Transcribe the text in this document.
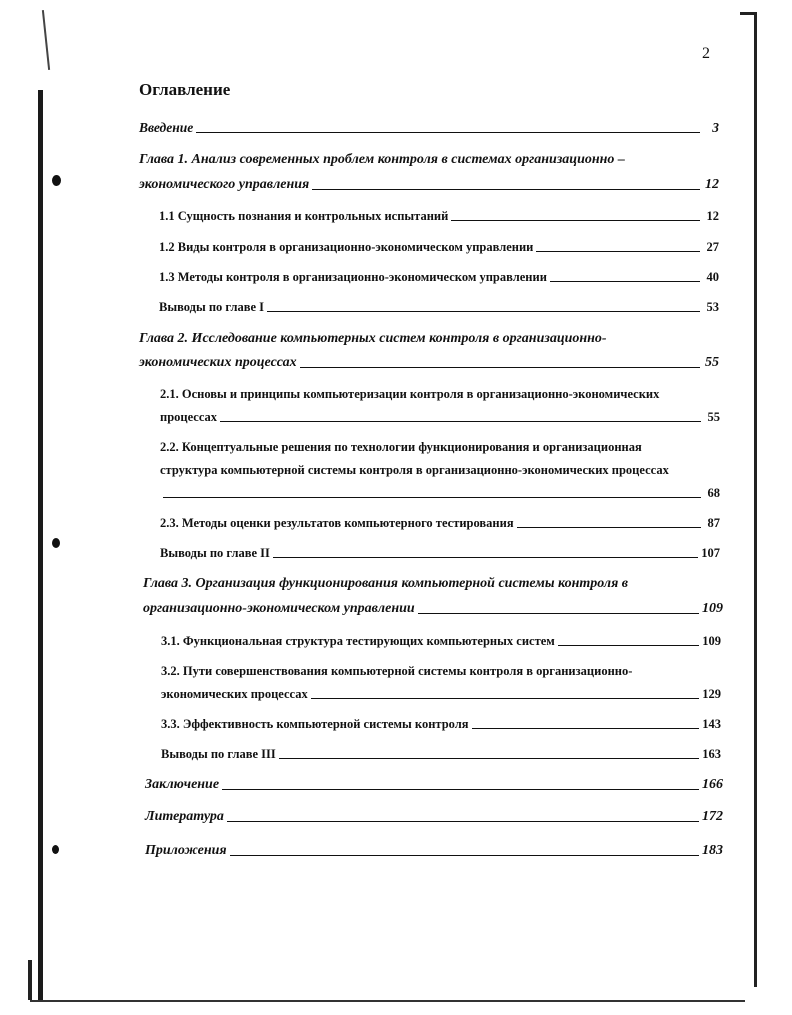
2
Оглавление
Введение	3
Глава 1. Анализ современных проблем контроля в системах организационно –
экономического управления	12
1.1 Сущность познания и контрольных испытаний	12
1.2 Виды контроля в организационно-экономическом управлении	27
1.3 Методы контроля в организационно-экономическом управлении	40
Выводы по главе I	53
Глава 2. Исследование компьютерных систем контроля в организационно-
экономических процессах	55
2.1. Основы и принципы компьютеризации контроля в организационно-экономических
процессах	55
2.2. Концептуальные решения по технологии функционирования и организационная
структура компьютерной системы контроля в организационно-экономических процессах
68
2.3. Методы оценки результатов компьютерного тестирования	87
Выводы по главе II	107
Глава 3. Организация функционирования компьютерной системы контроля в
организационно-экономическом управлении	109
3.1. Функциональная структура тестирующих компьютерных систем	109
3.2. Пути совершенствования компьютерной системы контроля в организационно-
экономических процессах	129
3.3. Эффективность компьютерной системы контроля	143
Выводы по главе III	163
Заключение	166
Литература	172
Приложения	183
